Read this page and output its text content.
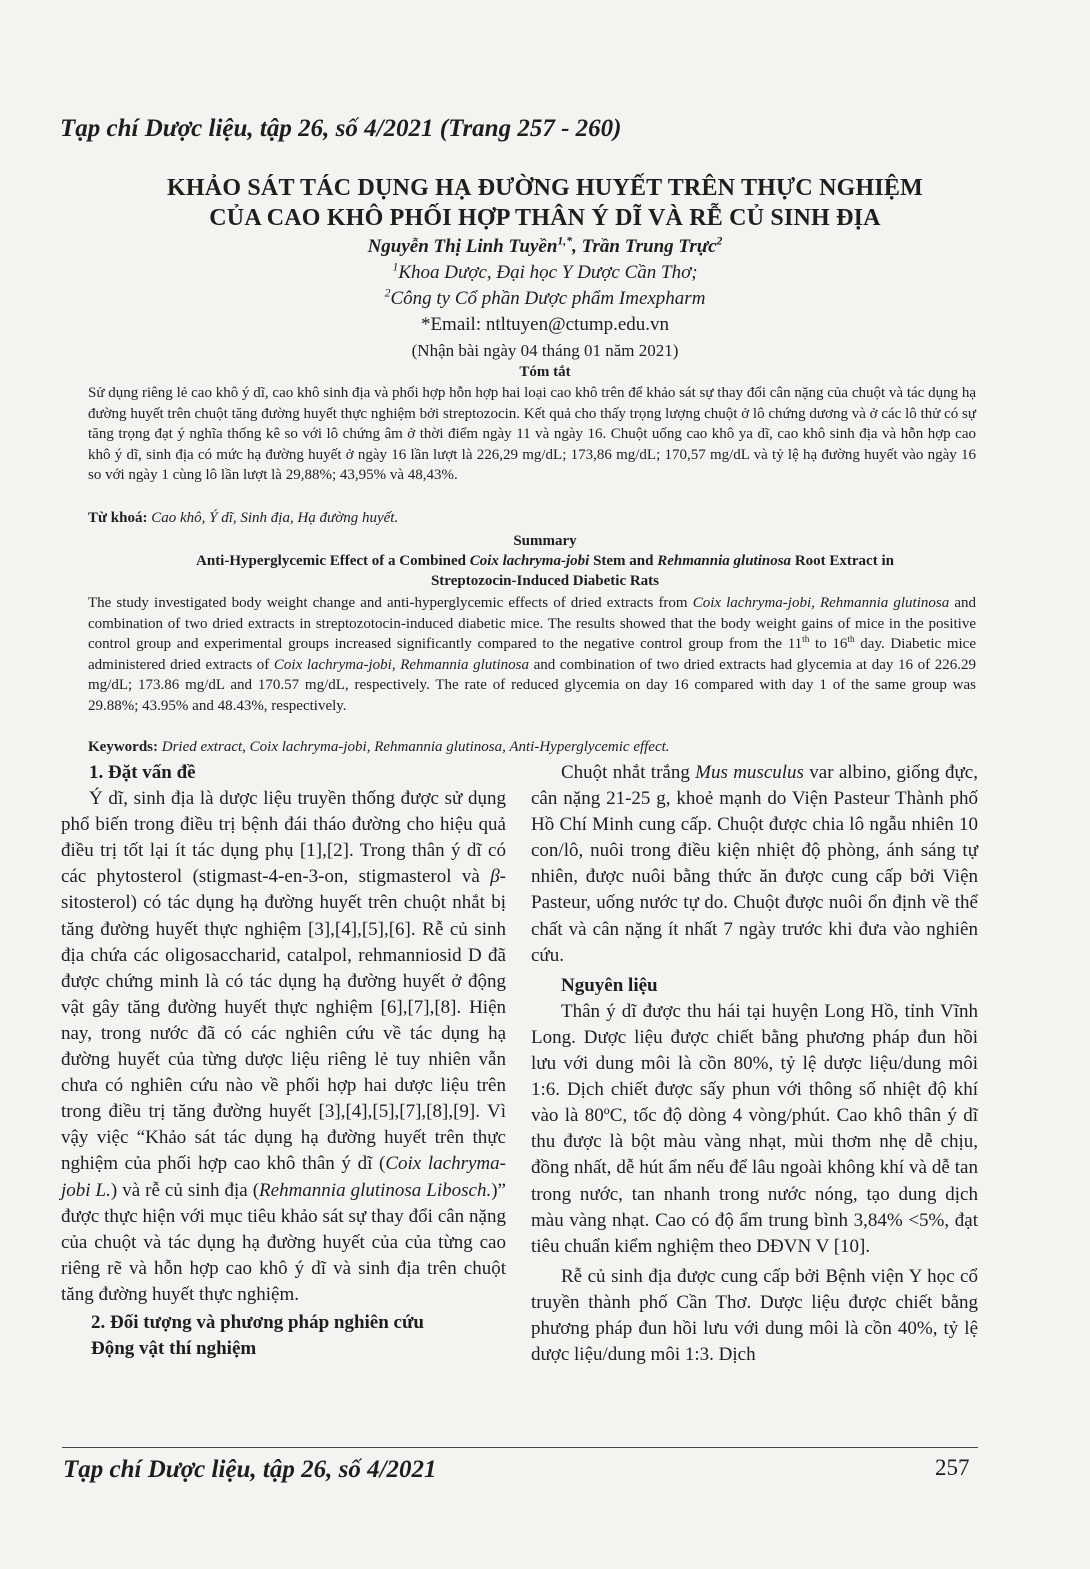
Tạp chí Dược liệu, tập 26, số 4/2021 (Trang 257 - 260)
KHẢO SÁT TÁC DỤNG HẠ ĐƯỜNG HUYẾT TRÊN THỰC NGHIỆM
CỦA CAO KHÔ PHỐI HỢP THÂN Ý DĨ VÀ RỄ CỦ SINH ĐỊA
Nguyễn Thị Linh Tuyền$^{1,*}$, Trần Trung Trực$^2$
$^1$Khoa Dược, Đại học Y Dược Cần Thơ;
$^2$Công ty Cổ phần Dược phẩm Imexpharm
*Email: ntltuyen@ctump.edu.vn
(Nhận bài ngày 04 tháng 01 năm 2021)
Tóm tắt
Sử dụng riêng lẻ cao khô ý dĩ, cao khô sinh địa và phối hợp hỗn hợp hai loại cao khô trên để khảo sát sự thay đổi cân nặng của chuột và tác dụng hạ đường huyết trên chuột tăng đường huyết thực nghiệm bởi streptozocin. Kết quả cho thấy trọng lượng chuột ở lô chứng dương và ở các lô thử có sự tăng trọng đạt ý nghĩa thống kê so với lô chứng âm ở thời điểm ngày 11 và ngày 16. Chuột uống cao khô ya dĩ, cao khô sinh địa và hỗn hợp cao khô ý dĩ, sinh địa có mức hạ đường huyết ở ngày 16 lần lượt là 226,29 mg/dL; 173,86 mg/dL; 170,57 mg/dL và tỷ lệ hạ đường huyết vào ngày 16 so với ngày 1 cùng lô lần lượt là 29,88%; 43,95% và 48,43%.
Từ khoá: Cao khô, Ý dĩ, Sinh địa, Hạ đường huyết.
Summary
Anti-Hyperglycemic Effect of a Combined Coix lachryma-jobi Stem and Rehmannia glutinosa Root Extract in
Streptozocin-Induced Diabetic Rats
The study investigated body weight change and anti-hyperglycemic effects of dried extracts from Coix lachryma-jobi, Rehmannia glutinosa and combination of two dried extracts in streptozotocin-induced diabetic mice. The results showed that the body weight gains of mice in the positive control group and experimental groups increased significantly compared to the negative control group from the 11th to 16th day. Diabetic mice administered dried extracts of Coix lachryma-jobi, Rehmannia glutinosa and combination of two dried extracts had glycemia at day 16 of 226.29 mg/dL; 173.86 mg/dL and 170.57 mg/dL, respectively. The rate of reduced glycemia on day 16 compared with day 1 of the same group was 29.88%; 43.95% and 48.43%, respectively.
Keywords: Dried extract, Coix lachryma-jobi, Rehmannia glutinosa, Anti-Hyperglycemic effect.

1. Đặt vấn đề

Ý dĩ, sinh địa là dược liệu truyền thống được sử dụng phổ biến trong điều trị bệnh đái tháo đường cho hiệu quả điều trị tốt lại ít tác dụng phụ [1],[2]. Trong thân ý dĩ có các phytosterol (stigmast-4-en-3-on, stigmasterol và β-sitosterol) có tác dụng hạ đường huyết trên chuột nhắt bị tăng đường huyết thực nghiệm [3],[4],[5],[6]. Rễ củ sinh địa chứa các oligosaccharid, catalpol, rehmanniosid D đã được chứng minh là có tác dụng hạ đường huyết ở động vật gây tăng đường huyết thực nghiệm [6],[7],[8]. Hiện nay, trong nước đã có các nghiên cứu về tác dụng hạ đường huyết của từng dược liệu riêng lẻ tuy nhiên vẫn chưa có nghiên cứu nào về phối hợp hai dược liệu trên trong điều trị tăng đường huyết [3],[4],[5],[7],[8],[9]. Vì vậy việc “Khảo sát tác dụng hạ đường huyết trên thực nghiệm của phối hợp cao khô thân ý dĩ (Coix lachryma-jobi L.) và rễ củ sinh địa (Rehmannia glutinosa Libosch.)” được thực hiện với mục tiêu khảo sát sự thay đổi cân nặng của chuột và tác dụng hạ đường huyết của của từng cao riêng rẽ và hỗn hợp cao khô ý dĩ và sinh địa trên chuột tăng đường huyết thực nghiệm.

2. Đối tượng và phương pháp nghiên cứu

Động vật thí nghiệm

Chuột nhắt trắng Mus musculus var albino, giống đực, cân nặng 21-25 g, khoẻ mạnh do Viện Pasteur Thành phố Hồ Chí Minh cung cấp. Chuột được chia lô ngẫu nhiên 10 con/lô, nuôi trong điều kiện nhiệt độ phòng, ánh sáng tự nhiên, được nuôi bằng thức ăn được cung cấp bởi Viện Pasteur, uống nước tự do. Chuột được nuôi ổn định về thể chất và cân nặng ít nhất 7 ngày trước khi đưa vào nghiên cứu.

Nguyên liệu

Thân ý dĩ được thu hái tại huyện Long Hồ, tỉnh Vĩnh Long. Dược liệu được chiết bằng phương pháp đun hồi lưu với dung môi là cồn 80%, tỷ lệ dược liệu/dung môi 1:6. Dịch chiết được sấy phun với thông số nhiệt độ khí vào là 80ºC, tốc độ dòng 4 vòng/phút. Cao khô thân ý dĩ thu được là bột màu vàng nhạt, mùi thơm nhẹ dễ chịu, đồng nhất, dễ hút ẩm nếu để lâu ngoài không khí và dễ tan trong nước, tan nhanh trong nước nóng, tạo dung dịch màu vàng nhạt. Cao có độ ẩm trung bình 3,84% <5%, đạt tiêu chuẩn kiểm nghiệm theo DĐVN V [10].

Rễ củ sinh địa được cung cấp bởi Bệnh viện Y học cổ truyền thành phố Cần Thơ. Dược liệu được chiết bằng phương pháp đun hồi lưu với dung môi là cồn 40%, tỷ lệ dược liệu/dung môi 1:3. Dịch

Tạp chí Dược liệu, tập 26, số 4/2021	257
